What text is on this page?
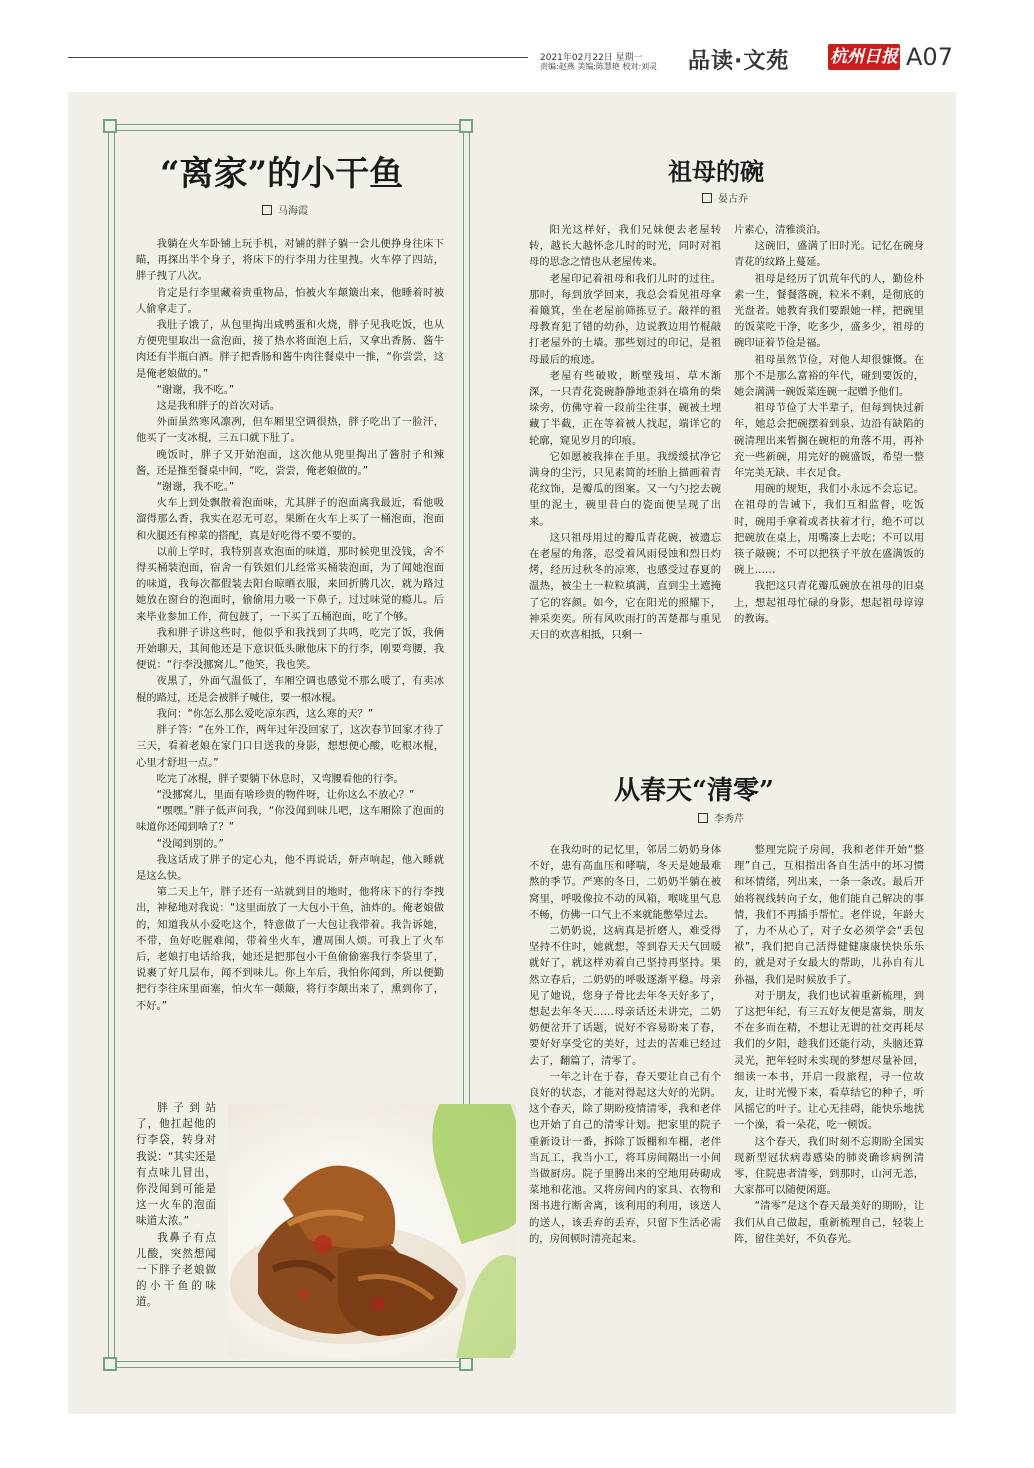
2021年02月22日 星期一
责编:赵燕 美编:陈慧艳 校对:刘灵 品读·文苑 杭州日报 A07
“离家”的小干鱼
马海霞

我躺在火车卧铺上玩手机，对铺的胖子躺一会儿便挣身往床下瞄，再探出半个身子，将床下的行李用力往里拽。火车停了四站，胖子拽了八次。

肯定是行李里藏着贵重物品，怕被火车颠簸出来，他睡着时被人偷拿走了。

我肚子饿了，从包里掏出咸鸭蛋和火烧，胖子见我吃饭，也从方便兜里取出一盒泡面，接了热水将面泡上后，又拿出香肠、酱牛肉还有半瓶白酒。胖子把香肠和酱牛肉往餐桌中一推，“你尝尝，这是俺老娘做的。”

“谢谢，我不吃。”

这是我和胖子的首次对话。

外面虽然寒风凛冽，但车厢里空调很热，胖子吃出了一脸汗，他买了一支冰棍，三五口就下肚了。

晚饭时，胖子又开始泡面，这次他从兜里掏出了酱肘子和辣酱，还是推至餐桌中间，“吃，尝尝，俺老娘做的。”

“谢谢，我不吃。”

火车上到处飘散着泡面味，尤其胖子的泡面离我最近，看他吸溜得那么香，我实在忍无可忍，果断在火车上买了一桶泡面，泡面和火腿还有榨菜的搭配，真是好吃得不要不要的。

以前上学时，我特别喜欢泡面的味道，那时候兜里没钱，舍不得买桶装泡面，宿舍一有铁姐们儿经常买桶装泡面，为了闻她泡面的味道，我每次都假装去阳台晾晒衣服，来回折腾几次，就为路过她放在窗台的泡面时，偷偷用力吸一下鼻子，过过味觉的瘾儿。后来毕业参加工作，荷包鼓了，一下买了五桶泡面，吃了个够。

我和胖子讲这些时，他似乎和我找到了共鸣，吃完了饭，我俩开始聊天，其间他还是下意识低头瞅他床下的行李，刚要弯腰，我便说：“行李没挪窝儿。”他笑，我也笑。

夜黑了，外面气温低了，车厢空调也感觉不那么暖了，有卖冰棍的路过，还是会被胖子喊住，要一根冰棍。

我问：“你怎么那么爱吃凉东西，这么寒的天？”

胖子答：“在外工作，两年过年没回家了，这次春节回家才待了三天，看着老娘在家门口目送我的身影，想想便心酸，吃根冰棍，心里才舒坦一点。”

吃完了冰棍，胖子要躺下休息时，又弯腰看他的行李。

“没挪窝儿，里面有啥珍贵的物件呀，让你这么不放心？”

“嘿嘿。”胖子低声问我，“你没闻到味儿吧，这车厢除了泡面的味道你还闻到啥了？”

“没闻到别的。”

我这话成了胖子的定心丸，他不再说话，鼾声响起，他入睡就是这么快。

第二天上午，胖子还有一站就到目的地时，他将床下的行李拽出，神秘地对我说：“这里面放了一大包小干鱼，油炸的。俺老娘做的，知道我从小爱吃这个，特意做了一大包让我带着。我告诉她，不带，鱼好吃腥难闻，带着坐火车，遭周围人烦。可我上了火车后，老娘打电话给我，她还是把那包小干鱼偷偷塞我行李袋里了，说裹了好几层布，闻不到味儿。你上车后，我怕你闻到，所以便勤把行李往床里面塞，怕火车一颠簸，将行李颠出来了，熏到你了，不好。”

胖子到站了，他扛起他的行李袋，转身对我说：“其实还是有点味儿冒出，你没闻到可能是这一火车的泡面味道太浓。”

我鼻子有点儿酸，突然想闻一下胖子老娘做的小干鱼的味道。

祖母的碗
晏古乔

阳光这样好，我们兄妹便去老屋转转，越长大越怀念儿时的时光，同时对祖母的思念之情也从老屋传来。

老屋印记着祖母和我们儿时的过往。那时，每到放学回来，我总会看见祖母拿着簸箕，坐在老屋前筛拣豆子。敲祥的祖母教育犯了错的幼孙，边说教边用竹棍敲打老屋外的土墙。那些划过的印记，是祖母最后的痕迹。

老屋有些破败，断壁残垣、草木渐深，一只青花瓷碗静静地歪斜在墙角的柴垛旁，仿佛守着一段前尘往事，碗被土埋藏了半截，正在等着被人找起，端详它的轮廓，窥见岁月的印痕。

它如愿被我捧在手里。我缓缓拭净它满身的尘污，只见素简的坯胎上描画着青花纹饰，是瓣瓜的图案。又一勺勺挖去碗里的泥土，碗里昔白的瓷面便呈现了出来。

这只祖母用过的瓣瓜青花碗，被遗忘在老屋的角落，忍受着风雨侵蚀和烈日灼烤，经历过秋冬的凉寒，也感受过春夏的温热，被尘土一粒粒填满，直到尘土遮掩了它的容颜。如今，它在阳光的照耀下，神采奕奕。所有风吹雨打的苦楚都与重见天日的欢喜相抵，只剩一

片素心，清雅淡泊。

这碗旧，盛满了旧时光。记忆在碗身青花的纹路上蔓延。

祖母是经历了饥荒年代的人，勤俭朴素一生，餐餐落碗，粒米不剩，是彻底的光盘者。她教育我们要跟她一样，把碗里的饭菜吃干净，吃多少，盛多少，祖母的碗印证着节俭是福。

祖母虽然节俭，对他人却很慷慨。在那个不是那么富裕的年代，碰到要饭的，她会满满一碗饭菜连碗一起赠予他们。

祖母节俭了大半辈子，但每到快过新年，她总会把碗摆着到泉、边沿有缺陷的碗清理出来暂搁在碗柜的角落不用，再补充一些新碗，用完好的碗盛饭，希望一整年完美无缺、丰衣足食。

用碗的规矩，我们小永远不会忘记。在祖母的告诫下，我们互相监督，吃饭时，碗用手拿着或者扶着才行，绝不可以把碗放在桌上，用嘴凑上去吃；不可以用筷子敲碗；不可以把筷子平放在盛满饭的碗上……

我把这只青花瓣瓜碗放在祖母的旧桌上，想起祖母忙碌的身影，想起祖母谆谆的教诲。

从春天“清零”
李秀芹

在我幼时的记忆里，邻居二奶奶身体不好，患有高血压和哮喘，冬天是她最难熬的季节。严寒的冬日，二奶奶半躺在被窝里，呼吸像拉不动的风箱，喉咙里气息不畅，仿佛一口气上不来就能憋晕过去。

二奶奶说，这病真是折磨人，难受得坚持不住时，她就想，等到春天天气回暖就好了，就这样劝着自己坚持再坚持。果然立春后，二奶奶的呼吸逐渐平稳。母亲见了她说，您身子骨比去年冬天好多了，想起去年冬天……母亲话还未讲完，二奶奶便岔开了话题，说好不容易盼来了春，要好好享受它的美好，过去的苦难已经过去了，翻篇了，清零了。

一年之计在于春，春天要让自己有个良好的状态，才能对得起这大好的光阴。这个春天，除了期盼疫情清零，我和老伴也开始了自己的清零计划。把家里的院子重新设计一番，拆除了饭棚和车棚，老伴当瓦工，我当小工，将耳房间隔出一小间当做厨房。院子里腾出来的空地用砖砌成菜地和花池。又将房间内的家具、衣物和图书进行断舍离，该利用的利用，该送人的送人，该丢弃的丢弃，只留下生活必需的，房间顿时清亮起来。

整理完院子房间，我和老伴开始“整理”自己，互相指出各自生活中的坏习惯和坏情绪，列出来，一条一条改。最后开始将视线转向子女，他们能自己解决的事情，我们不再插手帮忙。老伴说，年龄大了，力不从心了，对子女必须学会“丢包袱”，我们把自己活得健健康康快快乐乐的，就是对子女最大的帮助，儿孙自有儿孙福，我们是时候放手了。

对于朋友，我们也试着重新梳理，到了这把年纪，有三五好友便是富翁，朋友不在多而在精，不想让无谓的社交再耗尽我们的夕阳，趁我们还能行动，头脑还算灵光，把年轻时未实现的梦想尽量补回，细读一本书，开启一段旅程，寻一位故友，让时光慢下来，看草结它的种子，听风摇它的叶子。让心无挂碍，能快乐地扰一个澡，看一朵花，吃一顿饭。

这个春天，我们时刻不忘期盼全国实现新型冠状病毒感染的肺炎确诊病例清零，住院患者清零，到那时，山河无恙，大家都可以随便闲逛。

“清零”是这个春天最美好的期盼，让我们从自己做起，重新梳理自己，轻装上阵，留住美好，不负春光。
